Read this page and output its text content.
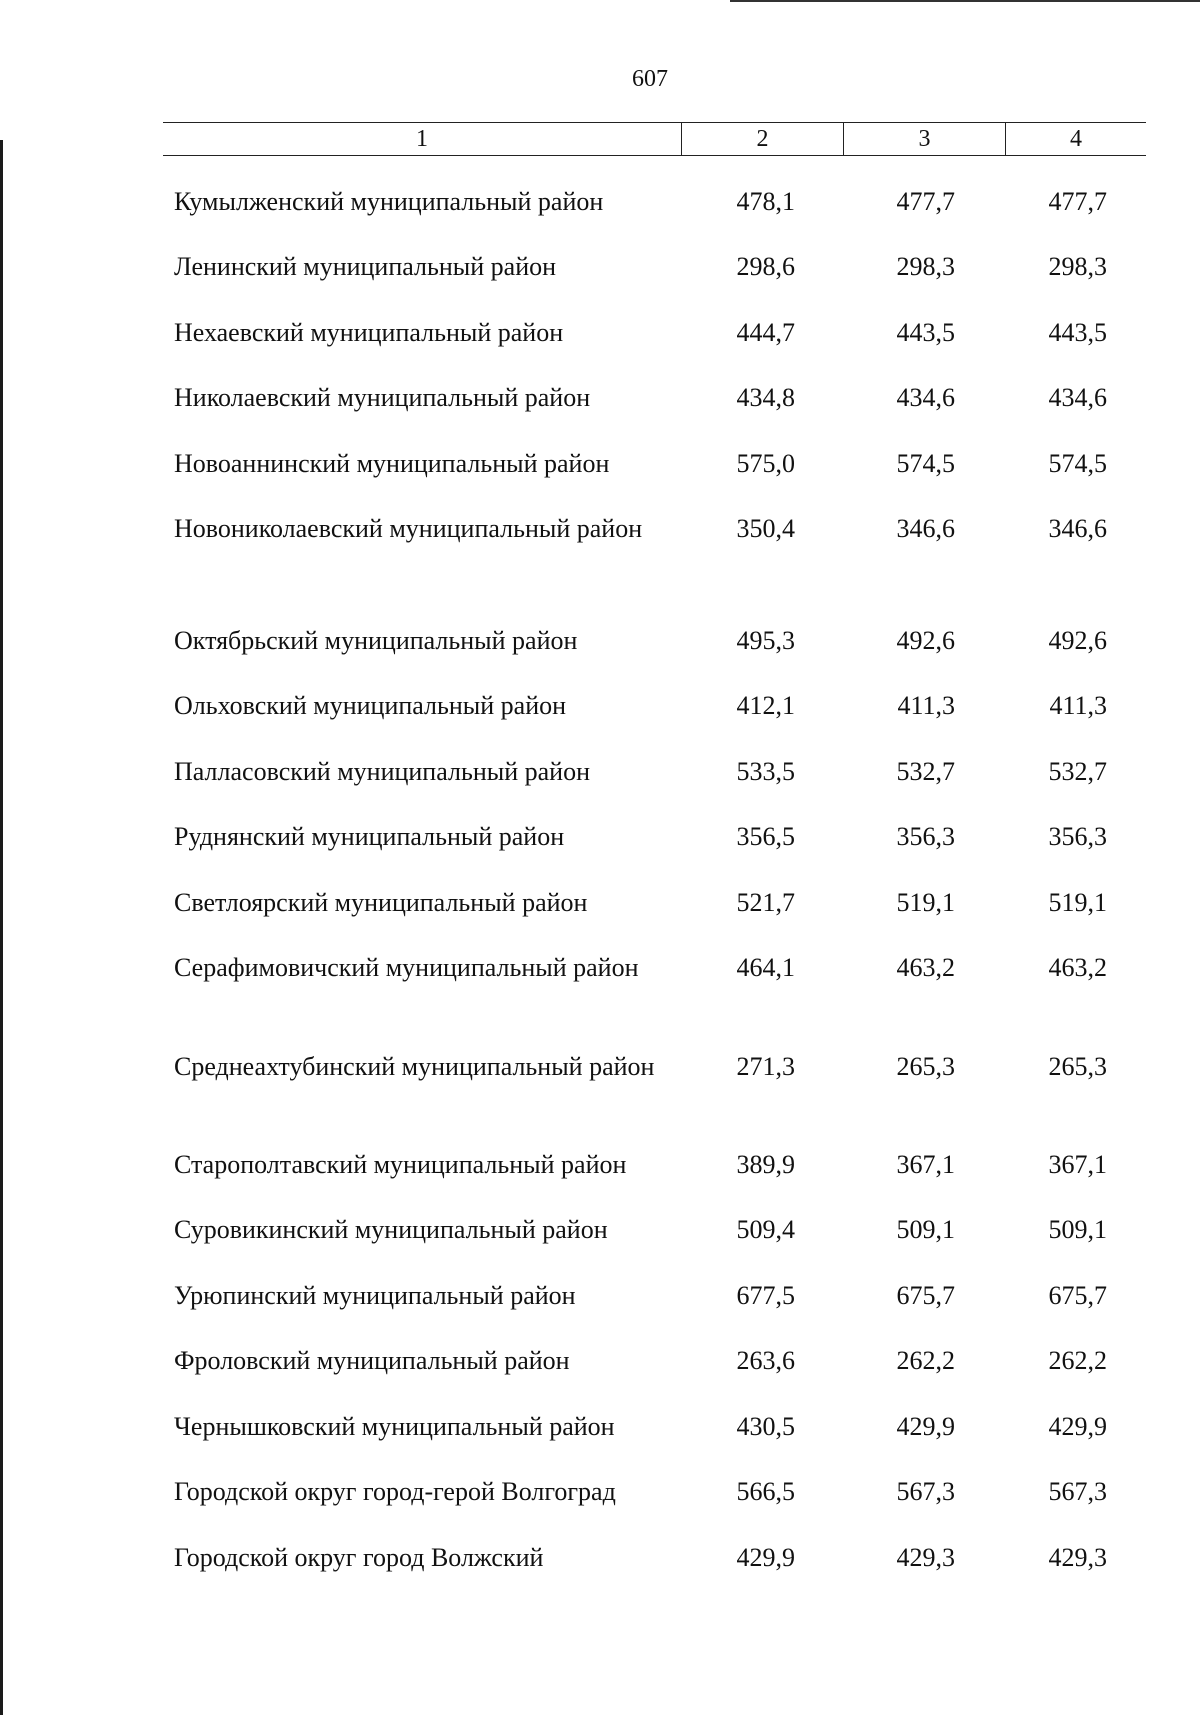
607
1	2	3	4
Кумылженский муниципальный район	478,1	477,7	477,7
Ленинский муниципальный район	298,6	298,3	298,3
Нехаевский муниципальный район	444,7	443,5	443,5
Николаевский муниципальный район	434,8	434,6	434,6
Новоаннинский муниципальный район	575,0	574,5	574,5
Новониколаевский муниципальный район	350,4	346,6	346,6
Октябрьский муниципальный район	495,3	492,6	492,6
Ольховский муниципальный район	412,1	411,3	411,3
Палласовский муниципальный район	533,5	532,7	532,7
Руднянский муниципальный район	356,5	356,3	356,3
Светлоярский муниципальный район	521,7	519,1	519,1
Серафимовичский муниципальный район	464,1	463,2	463,2
Среднеахтубинский муниципальный район	271,3	265,3	265,3
Старополтавский муниципальный район	389,9	367,1	367,1
Суровикинский муниципальный район	509,4	509,1	509,1
Урюпинский муниципальный район	677,5	675,7	675,7
Фроловский муниципальный район	263,6	262,2	262,2
Чернышковский муниципальный район	430,5	429,9	429,9
Городской округ город-герой Волгоград	566,5	567,3	567,3
Городской округ город Волжский	429,9	429,3	429,3
